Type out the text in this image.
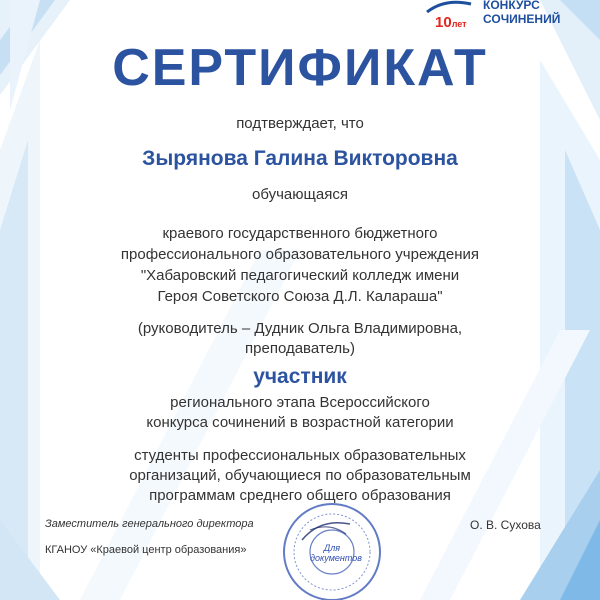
10лет
КОНКУРС
СОЧИНЕНИЙ
СЕРТИФИКАТ
подтверждает, что
Зырянова Галина Викторовна
обучающаяся
краевого государственного бюджетного
профессионального образовательного учреждения
"Хабаровский педагогический колледж имени
Героя Советского Союза Д.Л. Калараша"
(руководитель – Дудник Ольга Владимировна,
преподаватель)
участник
регионального этапа Всероссийского
конкурса сочинений в возрастной категории
студенты профессиональных образовательных
организаций, обучающиеся по образовательным
программам среднего общего образования
Для
документов
Заместитель генерального директора
КГАНОУ «Краевой центр образования»
О. В. Сухова
